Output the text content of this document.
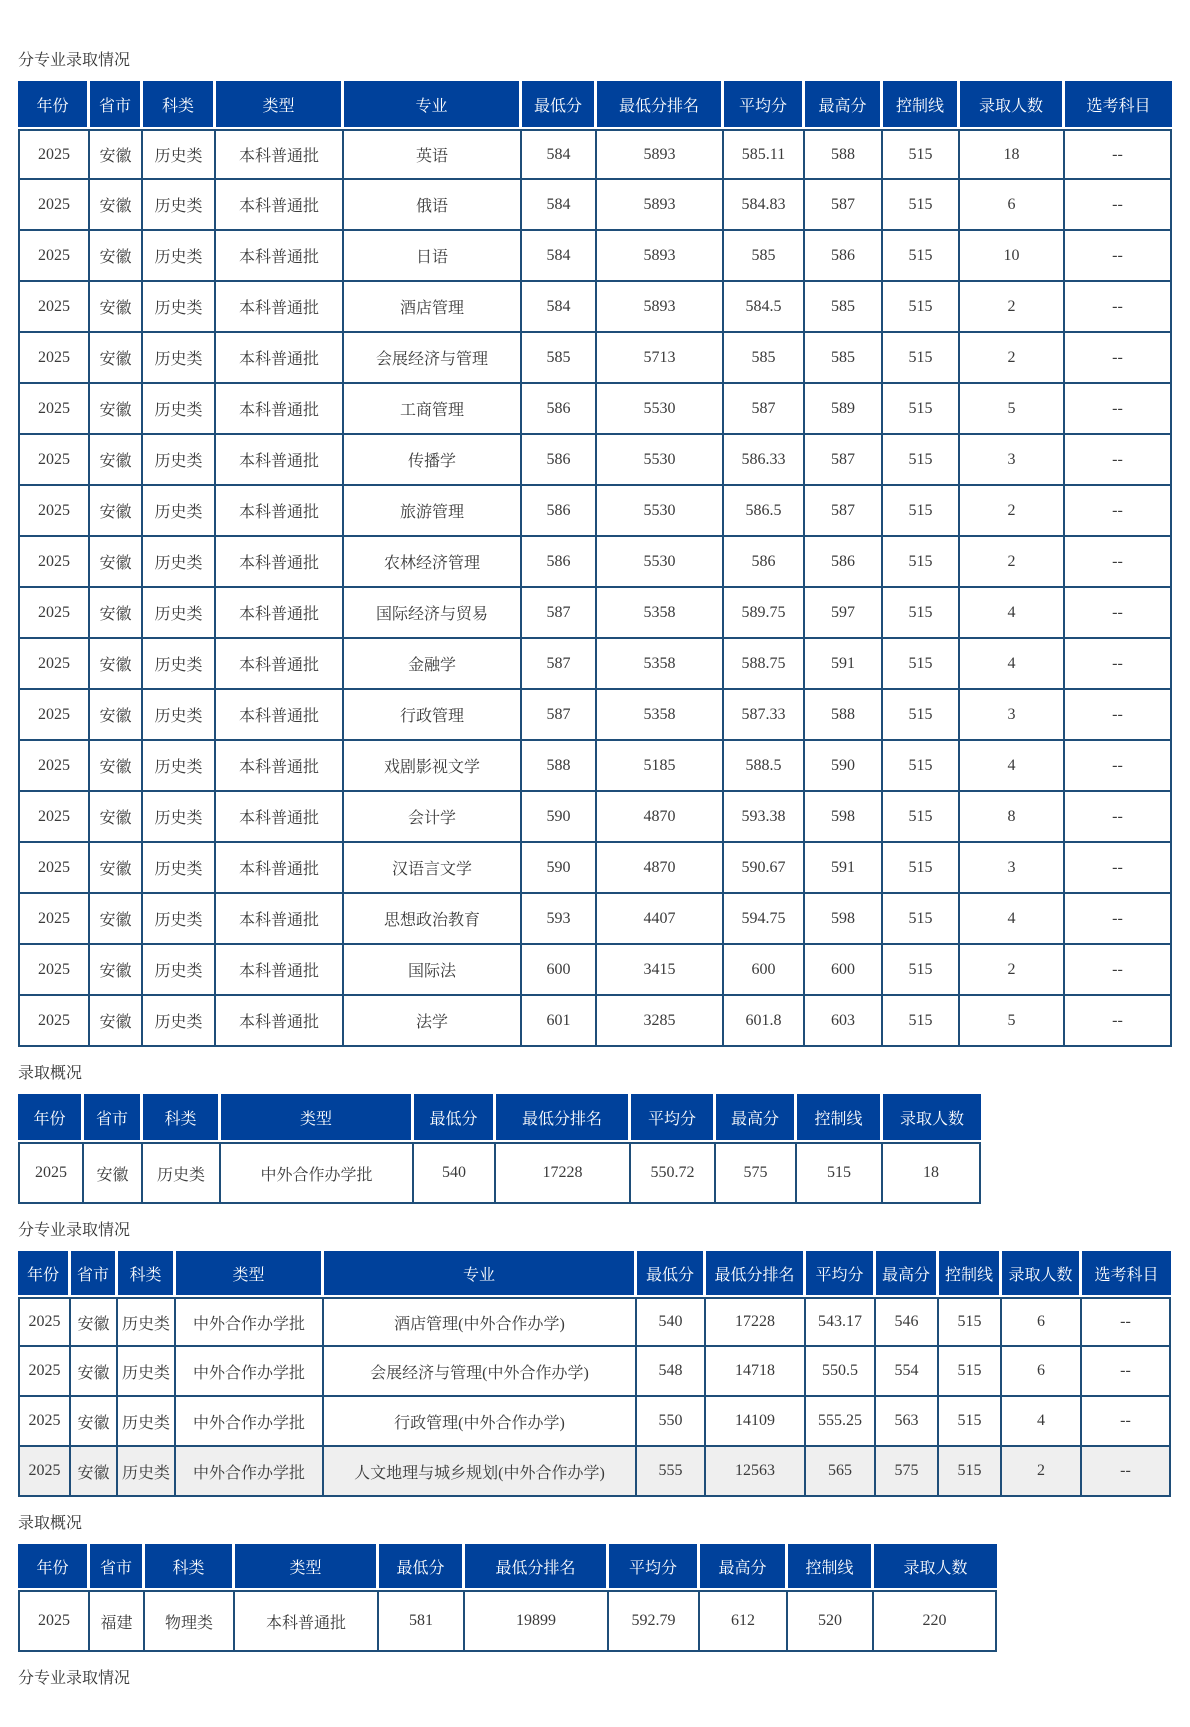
分专业录取情况
年份	省市	科类	类型	专业	最低分	最低分排名	平均分	最高分	控制线	录取人数	选考科目
2025	安徽	历史类	本科普通批	英语	584	5893	585.11	588	515	18	--
2025	安徽	历史类	本科普通批	俄语	584	5893	584.83	587	515	6	--
2025	安徽	历史类	本科普通批	日语	584	5893	585	586	515	10	--
2025	安徽	历史类	本科普通批	酒店管理	584	5893	584.5	585	515	2	--
2025	安徽	历史类	本科普通批	会展经济与管理	585	5713	585	585	515	2	--
2025	安徽	历史类	本科普通批	工商管理	586	5530	587	589	515	5	--
2025	安徽	历史类	本科普通批	传播学	586	5530	586.33	587	515	3	--
2025	安徽	历史类	本科普通批	旅游管理	586	5530	586.5	587	515	2	--
2025	安徽	历史类	本科普通批	农林经济管理	586	5530	586	586	515	2	--
2025	安徽	历史类	本科普通批	国际经济与贸易	587	5358	589.75	597	515	4	--
2025	安徽	历史类	本科普通批	金融学	587	5358	588.75	591	515	4	--
2025	安徽	历史类	本科普通批	行政管理	587	5358	587.33	588	515	3	--
2025	安徽	历史类	本科普通批	戏剧影视文学	588	5185	588.5	590	515	4	--
2025	安徽	历史类	本科普通批	会计学	590	4870	593.38	598	515	8	--
2025	安徽	历史类	本科普通批	汉语言文学	590	4870	590.67	591	515	3	--
2025	安徽	历史类	本科普通批	思想政治教育	593	4407	594.75	598	515	4	--
2025	安徽	历史类	本科普通批	国际法	600	3415	600	600	515	2	--
2025	安徽	历史类	本科普通批	法学	601	3285	601.8	603	515	5	--
录取概况
年份	省市	科类	类型	最低分	最低分排名	平均分	最高分	控制线	录取人数
2025	安徽	历史类	中外合作办学批	540	17228	550.72	575	515	18
分专业录取情况
年份	省市	科类	类型	专业	最低分	最低分排名	平均分	最高分	控制线	录取人数	选考科目
2025	安徽	历史类	中外合作办学批	酒店管理(中外合作办学)	540	17228	543.17	546	515	6	--
2025	安徽	历史类	中外合作办学批	会展经济与管理(中外合作办学)	548	14718	550.5	554	515	6	--
2025	安徽	历史类	中外合作办学批	行政管理(中外合作办学)	550	14109	555.25	563	515	4	--
2025	安徽	历史类	中外合作办学批	人文地理与城乡规划(中外合作办学)	555	12563	565	575	515	2	--
录取概况
年份	省市	科类	类型	最低分	最低分排名	平均分	最高分	控制线	录取人数
2025	福建	物理类	本科普通批	581	19899	592.79	612	520	220
分专业录取情况
